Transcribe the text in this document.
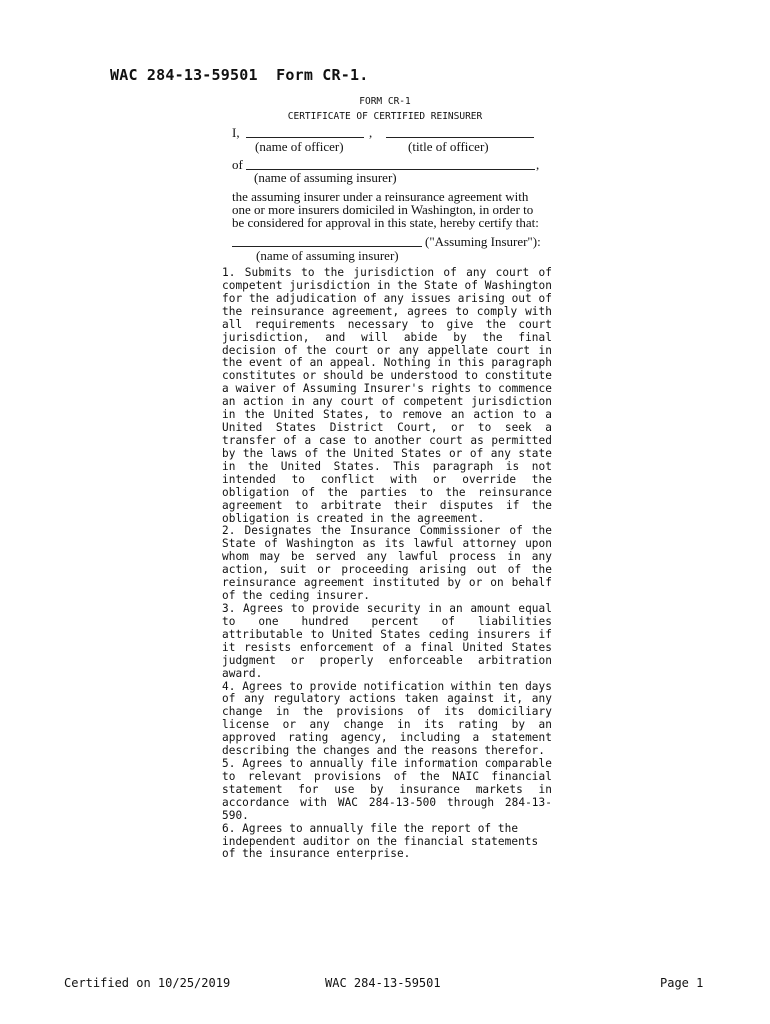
WAC 284-13-59501  Form CR-1.
FORM CR-1
CERTIFICATE OF CERTIFIED REINSURER
I,	,
(name of officer)	(title of officer)
of	,
(name of assuming insurer)
the assuming insurer under a reinsurance agreement with
one or more insurers domiciled in Washington, in order to
be considered for approval in this state, hereby certify that:
("Assuming Insurer"):
(name of assuming insurer)

1. Submits to the jurisdiction of any court of competent jurisdiction in the State of Washington for the adjudication of any issues arising out of the reinsurance agreement, agrees to comply with all requirements necessary to give the court jurisdiction, and will abide by the final decision of the court or any appellate court in the event of an appeal. Nothing in this paragraph constitutes or should be understood to constitute a waiver of Assuming Insurer's rights to commence an action in any court of competent jurisdiction in the United States, to remove an action to a United States District Court, or to seek a transfer of a case to another court as permitted by the laws of the United States or of any state in the United States. This paragraph is not intended to conflict with or override the obligation of the parties to the reinsurance agreement to arbitrate their disputes if the obligation is created in the agreement.

2. Designates the Insurance Commissioner of the State of Washington as its lawful attorney upon whom may be served any lawful process in any action, suit or proceeding arising out of the reinsurance agreement instituted by or on behalf of the ceding insurer.

3. Agrees to provide security in an amount equal to one hundred percent of liabilities attributable to United States ceding insurers if it resists enforcement of a final United States judgment or properly enforceable arbitration award.

4. Agrees to provide notification within ten days of any regulatory actions taken against it, any change in the provisions of its domiciliary license or any change in its rating by an approved rating agency, including a statement describing the changes and the reasons therefor.

5. Agrees to annually file information comparable to relevant provisions of the NAIC financial statement for use by insurance markets in accordance with WAC 284-13-500 through 284-13-590.

6. Agrees to annually file the report of the independent auditor on the financial statements of the insurance enterprise.

Certified on 10/25/2019	WAC 284-13-59501	Page 1
